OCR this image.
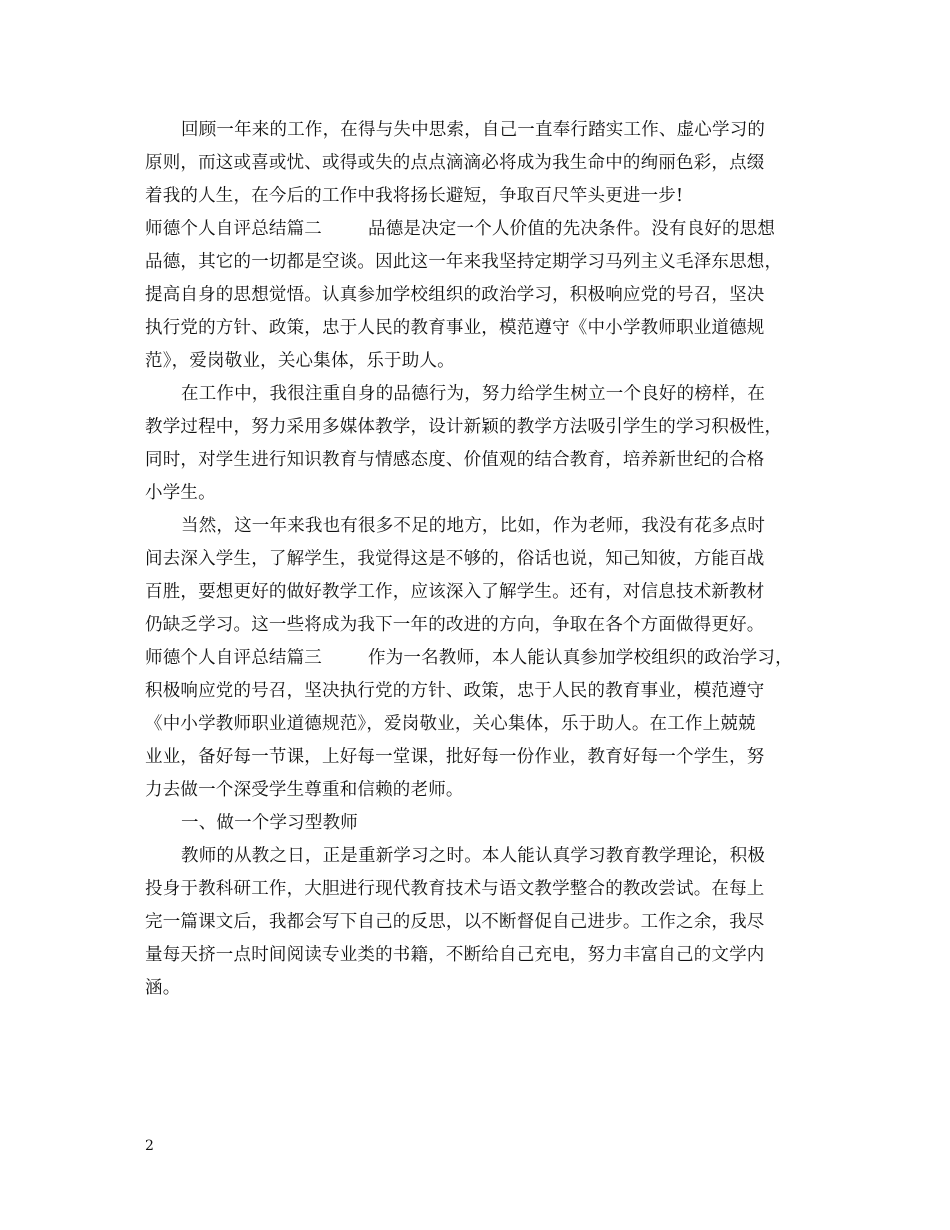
回顾一年来的工作，在得与失中思索，自己一直奉行踏实工作、虚心学习的
原则，而这或喜或忧、或得或失的点点滴滴必将成为我生命中的绚丽色彩，点缀
着我的人生，在今后的工作中我将扬长避短，争取百尺竿头更进一步!
师德个人自评总结篇二	品德是决定一个人价值的先决条件。没有良好的思想
品德，其它的一切都是空谈。因此这一年来我坚持定期学习马列主义毛泽东思想，
提高自身的思想觉悟。认真参加学校组织的政治学习，积极响应党的号召，坚决
执行党的方针、政策，忠于人民的教育事业，模范遵守《中小学教师职业道德规
范》，爱岗敬业，关心集体，乐于助人。
在工作中，我很注重自身的品德行为，努力给学生树立一个良好的榜样，在
教学过程中，努力采用多媒体教学，设计新颖的教学方法吸引学生的学习积极性，
同时，对学生进行知识教育与情感态度、价值观的结合教育，培养新世纪的合格
小学生。
当然，这一年来我也有很多不足的地方，比如，作为老师，我没有花多点时
间去深入学生，了解学生，我觉得这是不够的，俗话也说，知己知彼，方能百战
百胜，要想更好的做好教学工作，应该深入了解学生。还有，对信息技术新教材
仍缺乏学习。这一些将成为我下一年的改进的方向，争取在各个方面做得更好。
师德个人自评总结篇三	作为一名教师，本人能认真参加学校组织的政治学习，
积极响应党的号召，坚决执行党的方针、政策，忠于人民的教育事业，模范遵守
《中小学教师职业道德规范》，爱岗敬业，关心集体，乐于助人。在工作上兢兢
业业，备好每一节课，上好每一堂课，批好每一份作业，教育好每一个学生，努
力去做一个深受学生尊重和信赖的老师。
一、做一个学习型教师
教师的从教之日，正是重新学习之时。本人能认真学习教育教学理论，积极
投身于教科研工作，大胆进行现代教育技术与语文教学整合的教改尝试。在每上
完一篇课文后，我都会写下自己的反思，以不断督促自己进步。工作之余，我尽
量每天挤一点时间阅读专业类的书籍，不断给自己充电，努力丰富自己的文学内
涵。
2
